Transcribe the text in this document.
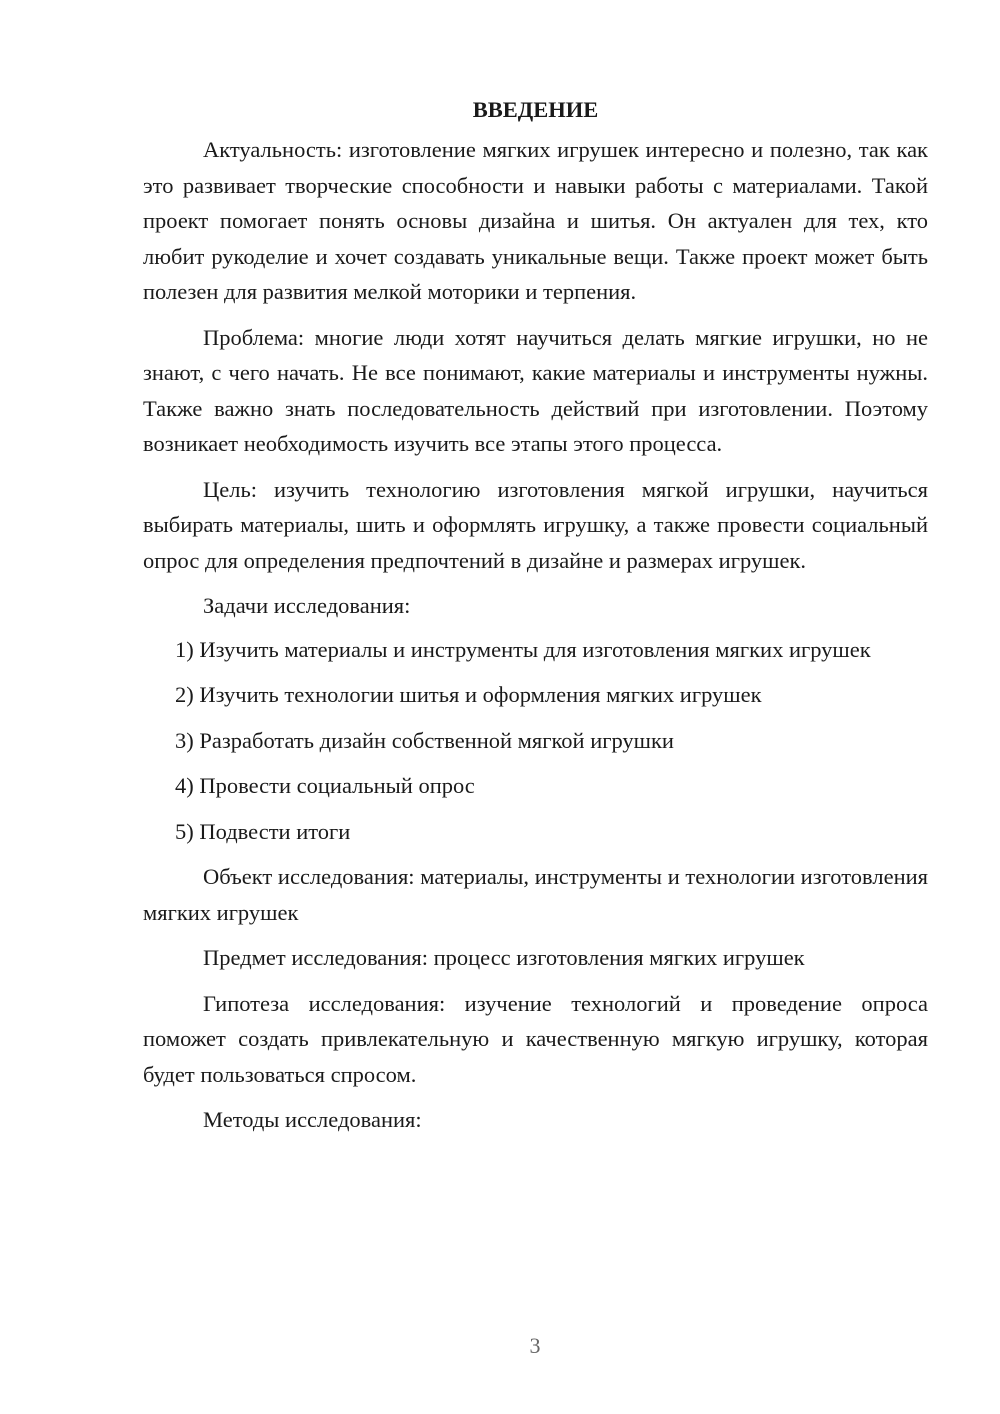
ВВЕДЕНИЕ

Актуальность: изготовление мягких игрушек интересно и полезно, так как это развивает творческие способности и навыки работы с материалами. Такой проект помогает понять основы дизайна и шитья. Он актуален для тех, кто любит рукоделие и хочет создавать уникальные вещи. Также проект может быть полезен для развития мелкой моторики и терпения.

Проблема: многие люди хотят научиться делать мягкие игрушки, но не знают, с чего начать. Не все понимают, какие материалы и инструменты нужны. Также важно знать последовательность действий при изготовлении. Поэтому возникает необходимость изучить все этапы этого процесса.

Цель: изучить технологию изготовления мягкой игрушки, научиться выбирать материалы, шить и оформлять игрушку, а также провести социальный опрос для определения предпочтений в дизайне и размерах игрушек.

Задачи исследования:

1) Изучить материалы и инструменты для изготовления мягких игрушек

2) Изучить технологии шитья и оформления мягких игрушек

3) Разработать дизайн собственной мягкой игрушки

4) Провести социальный опрос

5) Подвести итоги

Объект исследования: материалы, инструменты и технологии изготовления мягких игрушек

Предмет исследования: процесс изготовления мягких игрушек

Гипотеза исследования: изучение технологий и проведение опроса поможет создать привлекательную и качественную мягкую игрушку, которая будет пользоваться спросом.

Методы исследования:

3
